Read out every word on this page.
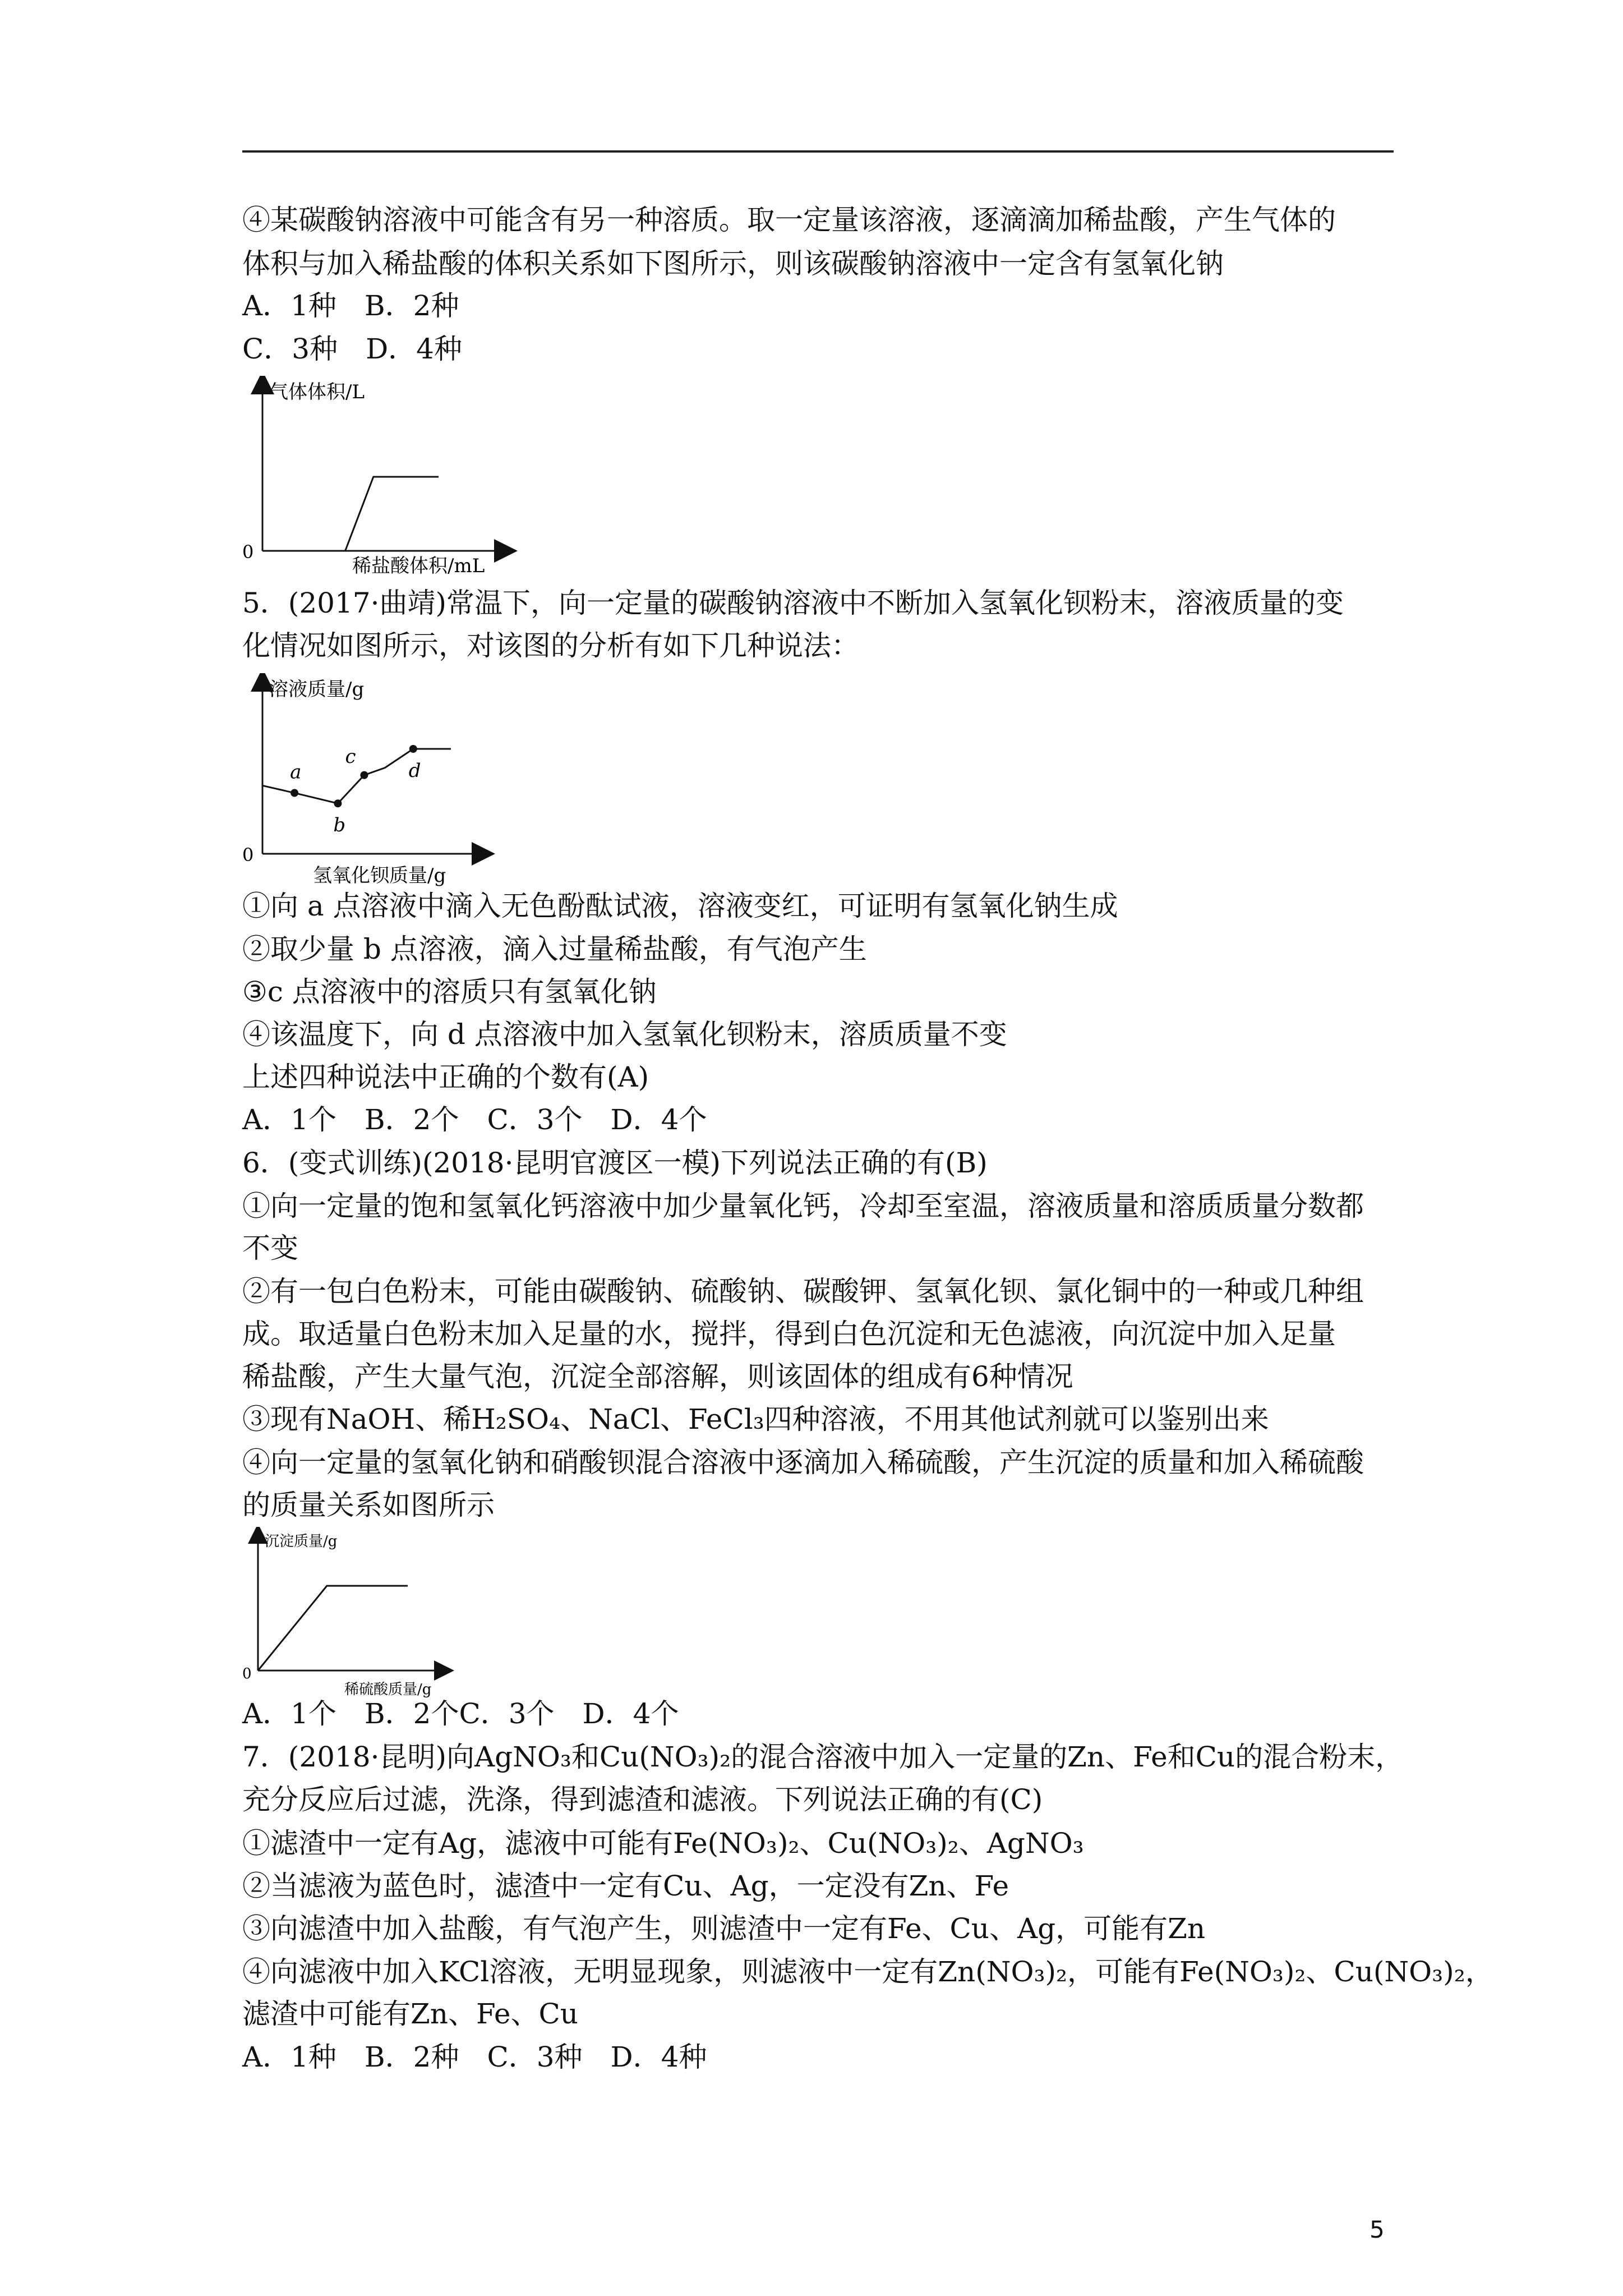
④某碳酸钠溶液中可能含有另一种溶质。取一定量该溶液，逐滴滴加稀盐酸，产生气体的
体积与加入稀盐酸的体积关系如下图所示，则该碳酸钠溶液中一定含有氢氧化钠
A．1种　B．2种
C．3种　D．4种
气体体积/L
0
稀盐酸体积/mL
5．(2017·曲靖)常温下，向一定量的碳酸钠溶液中不断加入氢氧化钡粉末，溶液质量的变
化情况如图所示，对该图的分析有如下几种说法：
a
b
c
d
溶液质量/g
0
氢氧化钡质量/g
①向 a 点溶液中滴入无色酚酞试液，溶液变红，可证明有氢氧化钠生成
②取少量 b 点溶液，滴入过量稀盐酸，有气泡产生
③c 点溶液中的溶质只有氢氧化钠
④该温度下，向 d 点溶液中加入氢氧化钡粉末，溶质质量不变
上述四种说法中正确的个数有(A)
A．1个　B．2个　C．3个　D．4个
6．(变式训练)(2018·昆明官渡区一模)下列说法正确的有(B)
①向一定量的饱和氢氧化钙溶液中加少量氧化钙，冷却至室温，溶液质量和溶质质量分数都
不变
②有一包白色粉末，可能由碳酸钠、硫酸钠、碳酸钾、氢氧化钡、氯化铜中的一种或几种组
成。取适量白色粉末加入足量的水，搅拌，得到白色沉淀和无色滤液，向沉淀中加入足量
稀盐酸，产生大量气泡，沉淀全部溶解，则该固体的组成有6种情况
③现有NaOH、稀H₂SO₄、NaCl、FeCl₃四种溶液，不用其他试剂就可以鉴别出来
④向一定量的氢氧化钠和硝酸钡混合溶液中逐滴加入稀硫酸，产生沉淀的质量和加入稀硫酸
的质量关系如图所示
沉淀质量/g
0
稀硫酸质量/g
A．1个　B．2个C．3个　D．4个
7．(2018·昆明)向AgNO₃和Cu(NO₃)₂的混合溶液中加入一定量的Zn、Fe和Cu的混合粉末，
充分反应后过滤，洗涤，得到滤渣和滤液。下列说法正确的有(C)
①滤渣中一定有Ag，滤液中可能有Fe(NO₃)₂、Cu(NO₃)₂、AgNO₃
②当滤液为蓝色时，滤渣中一定有Cu、Ag，一定没有Zn、Fe
③向滤渣中加入盐酸，有气泡产生，则滤渣中一定有Fe、Cu、Ag，可能有Zn
④向滤液中加入KCl溶液，无明显现象，则滤液中一定有Zn(NO₃)₂，可能有Fe(NO₃)₂、Cu(NO₃)₂，
滤渣中可能有Zn、Fe、Cu
A．1种　B．2种　C．3种　D．4种
5
